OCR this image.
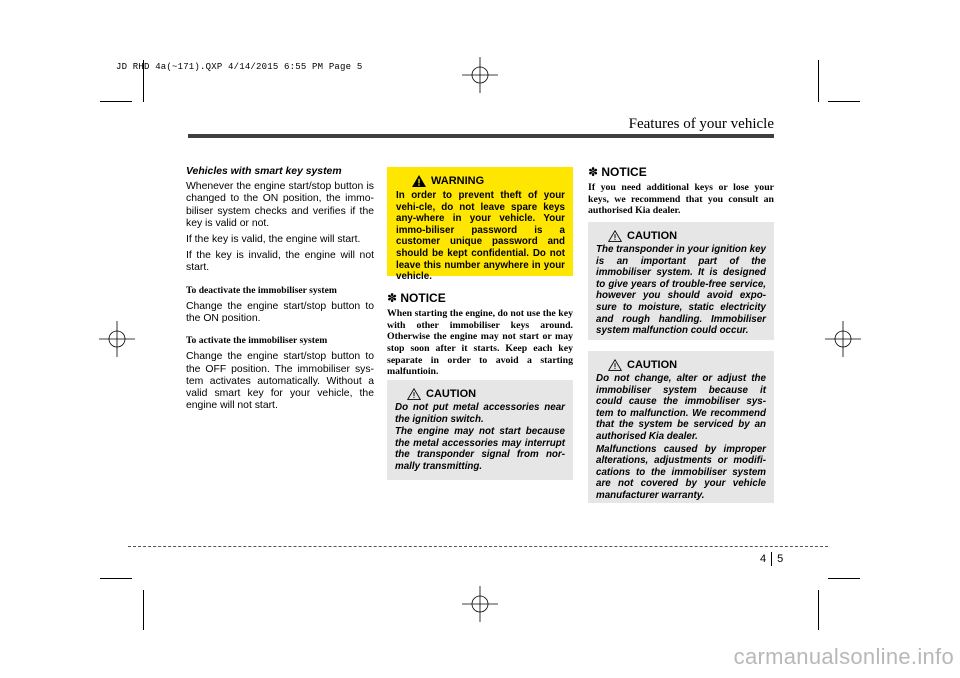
JD RHD 4a(~171).QXP 4/14/2015 6:55 PM Page 5
Features of your vehicle

Vehicles with smart key system

Whenever the engine start/stop button is changed to the ON position, the immo-biliser system checks and verifies if the key is valid or not.

If the key is valid, the engine will start.

If the key is invalid, the engine will not start.

To deactivate the immobiliser system

Change the engine start/stop button to the ON position.

To activate the immobiliser system

Change the engine start/stop button to the OFF position. The immobiliser sys-tem activates automatically. Without a valid smart key for your vehicle, the engine will not start.

WARNING

In order to prevent theft of your vehi-cle, do not leave spare keys any-where in your vehicle. Your immo-biliser password is a customer unique password and should be kept confidential. Do not leave this number anywhere in your vehicle.

✽ NOTICE

When starting the engine, do not use the key with other immobiliser keys around. Otherwise the engine may not start or may stop soon after it starts. Keep each key separate in order to avoid a starting malfuntioin.

CAUTION

Do not put metal accessories near the ignition switch.

The engine may not start because the metal accessories may interrupt the transponder signal from nor-mally transmitting.

✽ NOTICE

If you need additional keys or lose your keys, we recommend that you consult an authorised Kia dealer.

CAUTION

The transponder in your ignition key is an important part of the immobiliser system. It is designed to give years of trouble-free service, however you should avoid expo-sure to moisture, static electricity and rough handling. Immobiliser system malfunction could occur.

CAUTION

Do not change, alter or adjust the immobiliser system because it could cause the immobiliser sys-tem to malfunction. We recommend that the system be serviced by an authorised Kia dealer.

Malfunctions caused by improper alterations, adjustments or modifi-cations to the immobiliser system are not covered by your vehicle manufacturer warranty.

4 5
carmanualsonline.info
